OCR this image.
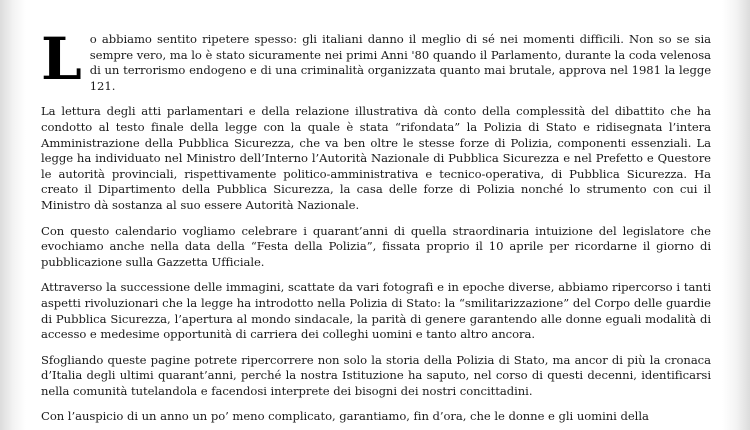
Lo abbiamo sentito ripetere spesso: gli italiani danno il meglio di sé nei momenti difficili. Non so se sia sempre vero, ma lo è stato sicuramente nei primi Anni '80 quando il Parlamento, durante la coda velenosa di un terrorismo endogeno e di una criminalità organizzata quanto mai brutale, approva nel 1981 la legge 121.

La lettura degli atti parlamentari e della relazione illustrativa dà conto della complessità del dibattito che ha condotto al testo finale della legge con la quale è stata “rifondata” la Polizia di Stato e ridisegnata l’intera Amministrazione della Pubblica Sicurezza, che va ben oltre le stesse forze di Polizia, componenti essenziali. La legge ha individuato nel Ministro dell’Interno l’Autorità Nazionale di Pubblica Sicurezza e nel Prefetto e Questore le autorità provinciali, rispettivamente politico-amministrativa e tecnico-operativa, di Pubblica Sicurezza. Ha creato il Dipartimento della Pubblica Sicurezza, la casa delle forze di Polizia nonché lo strumento con cui il Ministro dà sostanza al suo essere Autorità Nazionale.

Con questo calendario vogliamo celebrare i quarant’anni di quella straordinaria intuizione del legislatore che evochiamo anche nella data della “Festa della Polizia”, fissata proprio il 10 aprile per ricordarne il giorno di pubblicazione sulla Gazzetta Ufficiale.

Attraverso la successione delle immagini, scattate da vari fotografi e in epoche diverse, abbiamo ripercorso i tanti aspetti rivoluzionari che la legge ha introdotto nella Polizia di Stato: la “smilitarizzazione” del Corpo delle guardie di Pubblica Sicurezza, l’apertura al mondo sindacale, la parità di genere garantendo alle donne eguali modalità di accesso e medesime opportunità di carriera dei colleghi uomini e tanto altro ancora.

Sfogliando queste pagine potrete ripercorrere non solo la storia della Polizia di Stato, ma ancor di più la cronaca d’Italia degli ultimi quarant’anni, perché la nostra Istituzione ha saputo, nel corso di questi decenni, identificarsi nella comunità tutelandola e facendosi interprete dei bisogni dei nostri concittadini.

Con l’auspicio di un anno un po’ meno complicato, garantiamo, fin d’ora, che le donne e gli uomini della
